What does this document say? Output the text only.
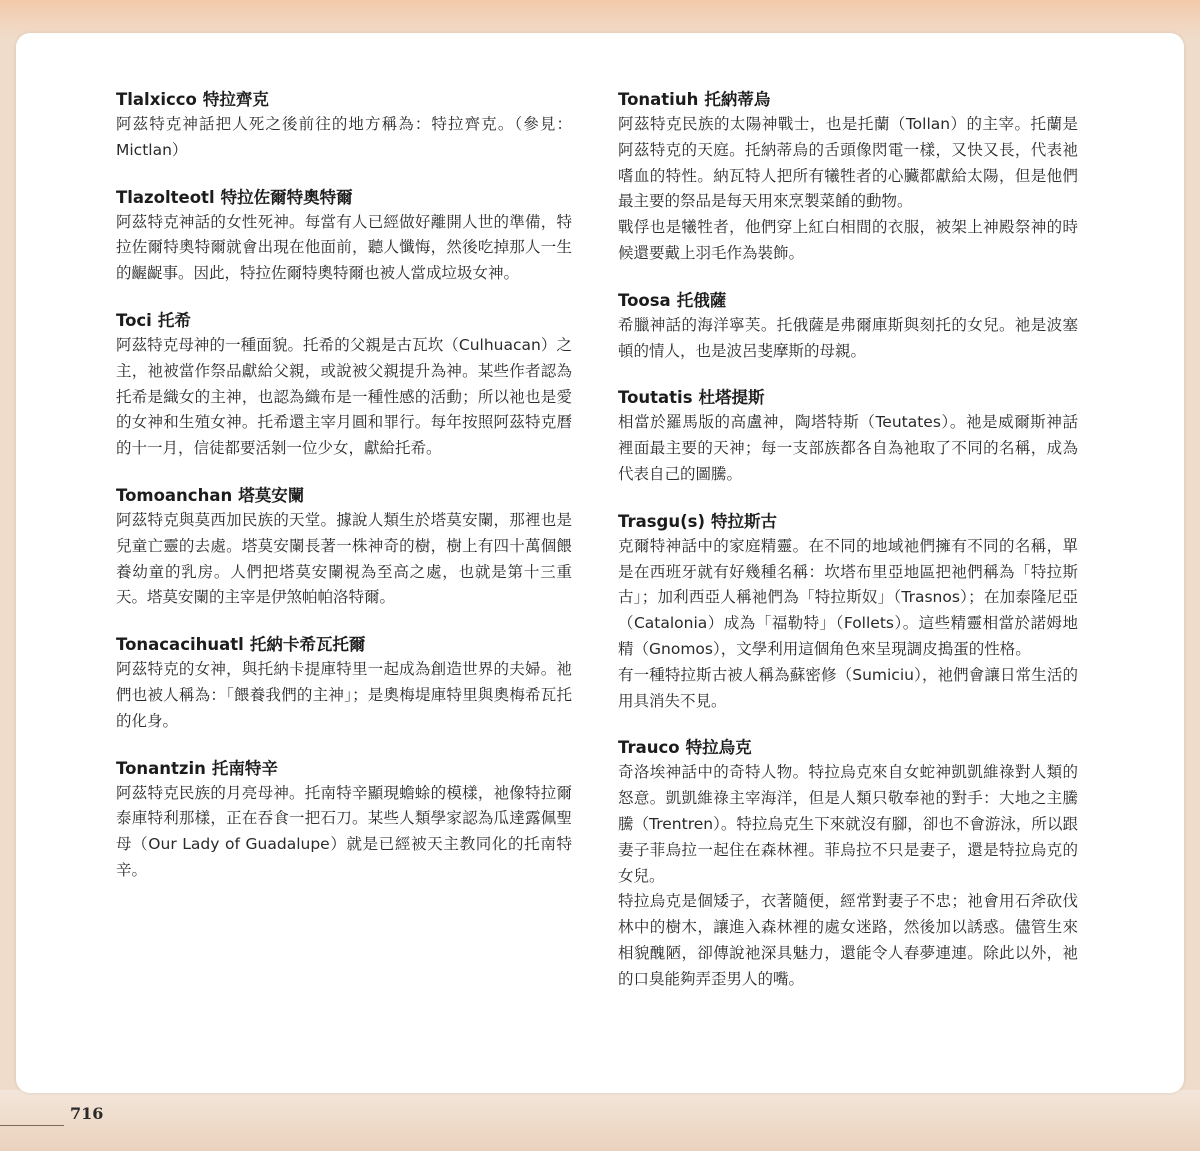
Tlalxicco 特拉齊克

阿茲特克神話把人死之後前往的地方稱為：特拉齊克。（參見： Mictlan）

Tlazolteotl 特拉佐爾特奧特爾

阿茲特克神話的女性死神。每當有人已經做好離開人世的準備，特拉佐爾特奧特爾就會出現在他面前，聽人懺悔，然後吃掉那人一生的齷齪事。因此，特拉佐爾特奧特爾也被人當成垃圾女神。

Toci 托希

阿茲特克母神的一種面貌。托希的父親是古瓦坎（Culhuacan）之主，祂被當作祭品獻給父親，或說被父親提升為神。某些作者認為托希是織女的主神，也認為織布是一種性感的活動；所以祂也是愛的女神和生殖女神。托希還主宰月圓和罪行。每年按照阿茲特克曆的十一月，信徒都要活剝一位少女，獻給托希。

Tomoanchan 塔莫安闌

阿茲特克與莫西加民族的天堂。據說人類生於塔莫安闌，那裡也是兒童亡靈的去處。塔莫安闌長著一株神奇的樹，樹上有四十萬個餵養幼童的乳房。人們把塔莫安闌視為至高之處，也就是第十三重天。塔莫安闌的主宰是伊煞帕帕洛特爾。

Tonacacihuatl 托納卡希瓦托爾

阿茲特克的女神，與托納卡提庫特里一起成為創造世界的夫婦。祂們也被人稱為：「餵養我們的主神」；是奧梅堤庫特里與奧梅希瓦托的化身。

Tonantzin 托南特辛

阿茲特克民族的月亮母神。托南特辛顯現蟾蜍的模樣，祂像特拉爾泰庫特利那樣，正在吞食一把石刀。某些人類學家認為瓜達露佩聖母（Our Lady of Guadalupe）就是已經被天主教同化的托南特辛。

Tonatiuh 托納蒂烏

阿茲特克民族的太陽神戰士，也是托蘭（Tollan）的主宰。托蘭是阿茲特克的天庭。托納蒂烏的舌頭像閃電一樣，又快又長，代表祂嗜血的特性。納瓦特人把所有犧牲者的心臟都獻給太陽，但是他們最主要的祭品是每天用來烹製菜餚的動物。

戰俘也是犧牲者，他們穿上紅白相間的衣服，被架上神殿祭神的時候還要戴上羽毛作為裝飾。

Toosa 托俄薩

希臘神話的海洋寧芙。托俄薩是弗爾庫斯與刻托的女兒。祂是波塞頓的情人，也是波呂斐摩斯的母親。

Toutatis 杜塔提斯

相當於羅馬版的高盧神，陶塔特斯（Teutates）。祂是威爾斯神話裡面最主要的天神；每一支部族都各自為祂取了不同的名稱，成為代表自己的圖騰。

Trasgu(s) 特拉斯古

克爾特神話中的家庭精靈。在不同的地域祂們擁有不同的名稱，單是在西班牙就有好幾種名稱：坎塔布里亞地區把祂們稱為「特拉斯古」；加利西亞人稱祂們為「特拉斯奴」（Trasnos）；在加泰隆尼亞（Catalonia）成為「福勒特」（Follets）。這些精靈相當於諾姆地精（Gnomos），文學利用這個角色來呈現調皮搗蛋的性格。

有一種特拉斯古被人稱為蘇密修（Sumiciu），祂們會讓日常生活的用具消失不見。

Trauco 特拉烏克

奇洛埃神話中的奇特人物。特拉烏克來自女蛇神凱凱維祿對人類的怒意。凱凱維祿主宰海洋，但是人類只敬奉祂的對手：大地之主騰騰（Trentren）。特拉烏克生下來就沒有腳，卻也不會游泳，所以跟妻子菲烏拉一起住在森林裡。菲烏拉不只是妻子，還是特拉烏克的女兒。

特拉烏克是個矮子，衣著隨便，經常對妻子不忠；祂會用石斧砍伐林中的樹木，讓進入森林裡的處女迷路，然後加以誘惑。儘管生來相貌醜陋，卻傳說祂深具魅力，還能令人春夢連連。除此以外，祂的口臭能夠弄歪男人的嘴。

716
